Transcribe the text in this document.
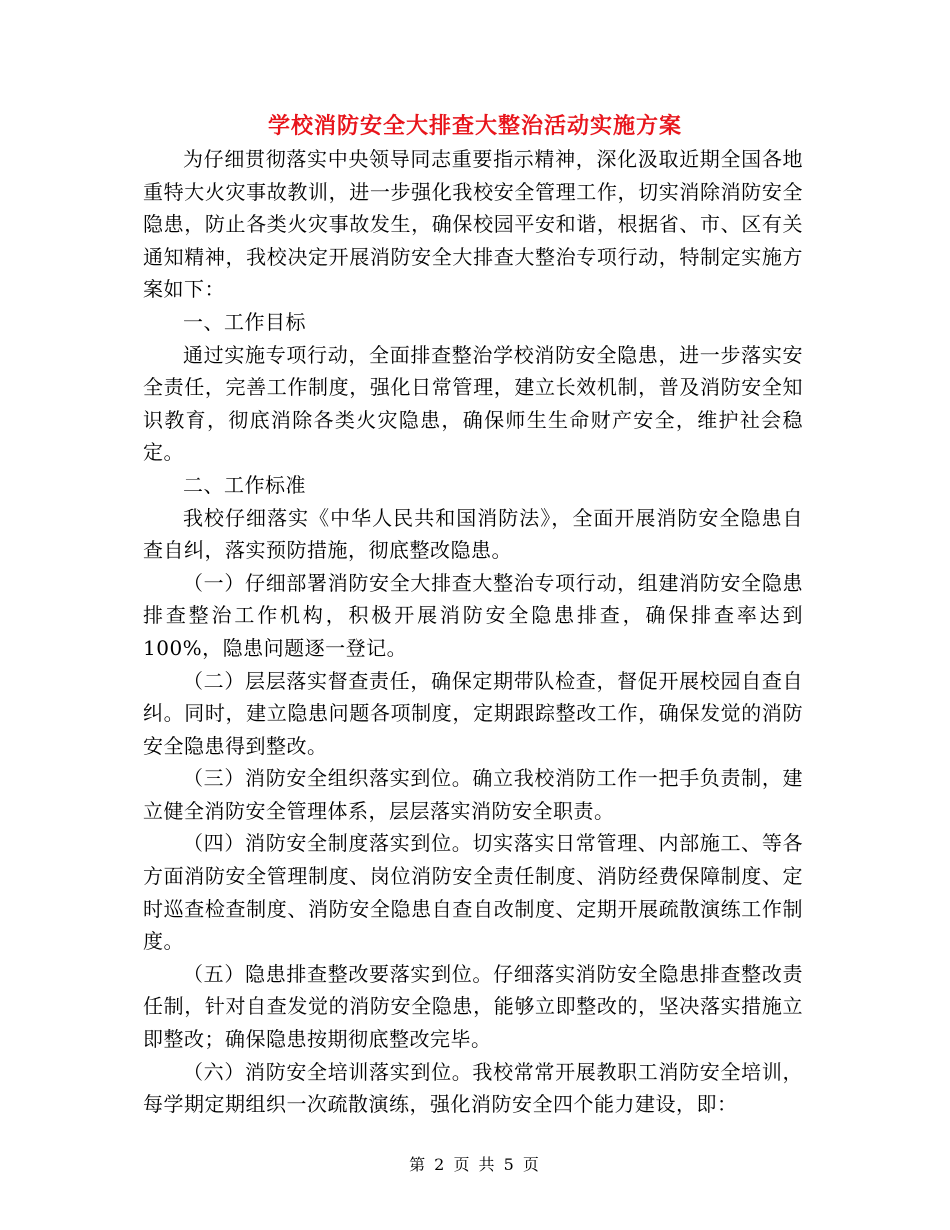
学校消防安全大排查大整治活动实施方案

为仔细贯彻落实中央领导同志重要指示精神，深化汲取近期全国各地重特大火灾事故教训，进一步强化我校安全管理工作，切实消除消防安全隐患，防止各类火灾事故发生，确保校园平安和谐，根据省、市、区有关通知精神，我校决定开展消防安全大排查大整治专项行动，特制定实施方案如下：

一、工作目标

通过实施专项行动，全面排查整治学校消防安全隐患，进一步落实安全责任，完善工作制度，强化日常管理，建立长效机制，普及消防安全知识教育，彻底消除各类火灾隐患，确保师生生命财产安全，维护社会稳定。

二、工作标准

我校仔细落实《中华人民共和国消防法》，全面开展消防安全隐患自查自纠，落实预防措施，彻底整改隐患。

（一）仔细部署消防安全大排查大整治专项行动，组建消防安全隐患排查整治工作机构，积极开展消防安全隐患排查，确保排查率达到100%，隐患问题逐一登记。

（二）层层落实督查责任，确保定期带队检查，督促开展校园自查自纠。同时，建立隐患问题各项制度，定期跟踪整改工作，确保发觉的消防安全隐患得到整改。

（三）消防安全组织落实到位。确立我校消防工作一把手负责制，建立健全消防安全管理体系，层层落实消防安全职责。

（四）消防安全制度落实到位。切实落实日常管理、内部施工、等各方面消防安全管理制度、岗位消防安全责任制度、消防经费保障制度、定时巡查检查制度、消防安全隐患自查自改制度、定期开展疏散演练工作制度。

（五）隐患排查整改要落实到位。仔细落实消防安全隐患排查整改责任制，针对自查发觉的消防安全隐患，能够立即整改的，坚决落实措施立即整改；确保隐患按期彻底整改完毕。

（六）消防安全培训落实到位。我校常常开展教职工消防安全培训，每学期定期组织一次疏散演练，强化消防安全四个能力建设，即：

第 2 页 共 5 页
